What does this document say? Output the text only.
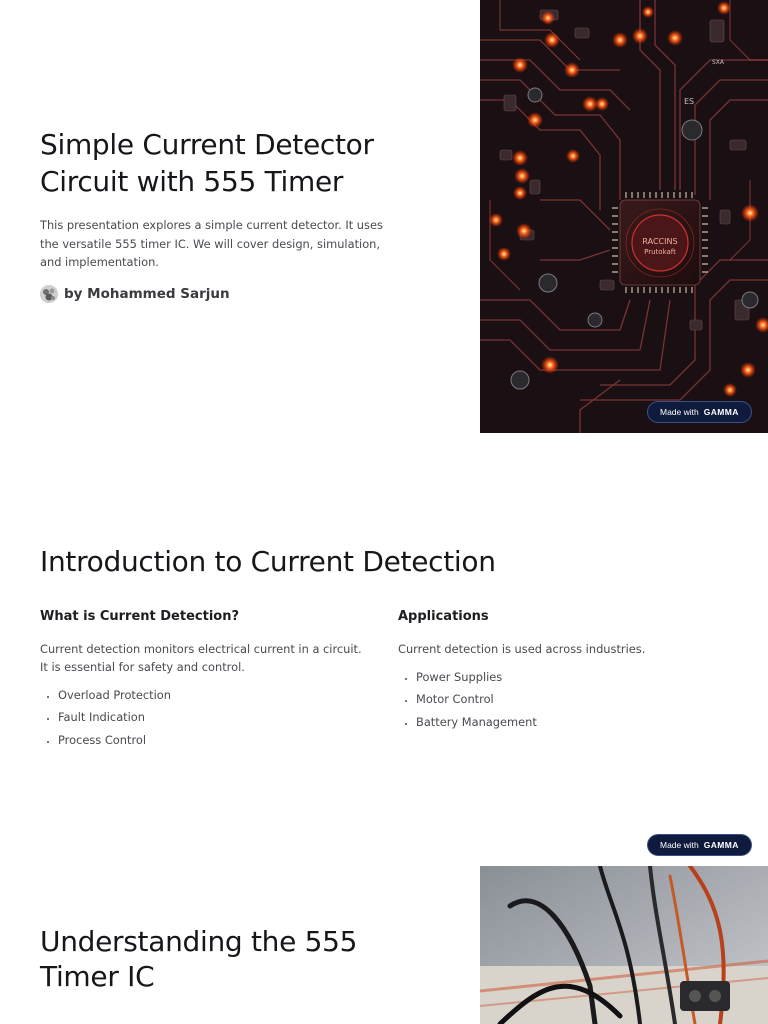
Simple Current Detector Circuit with 555 Timer

This presentation explores a simple current detector. It uses the versatile 555 timer IC. We will cover design, simulation, and implementation.

by Mohammed Sarjun
RACCINS
Prutokaft
ES
SXA
Made with GAMMA
Introduction to Current Detection
What is Current Detection?

Current detection monitors electrical current in a circuit. It is essential for safety and control.

• Overload Protection
• Fault Indication
• Process Control
Applications

Current detection is used across industries.

• Power Supplies
• Motor Control
• Battery Management
Made with GAMMA
Understanding the 555 Timer IC
